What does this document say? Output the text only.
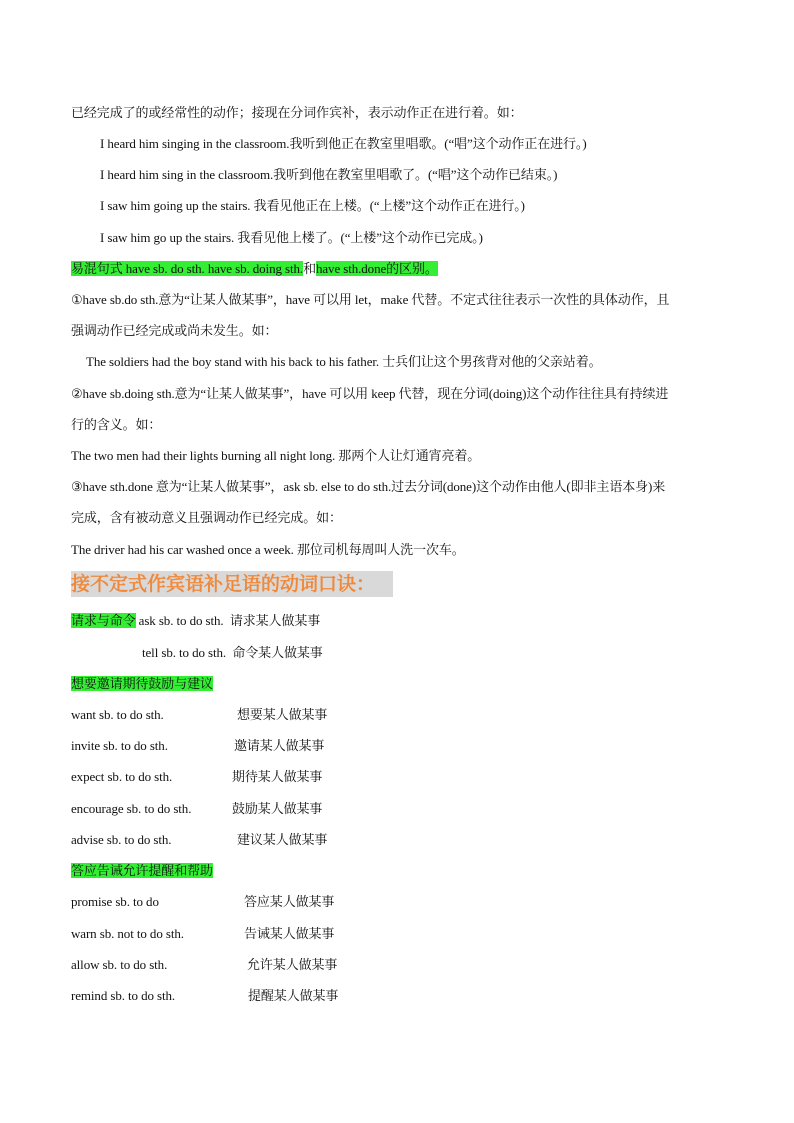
已经完成了的或经常性的动作；接现在分词作宾补，表示动作正在进行着。如：
I heard him singing in the classroom.我听到他正在教室里唱歌。(“唱”这个动作正在进行。)
I heard him sing in the classroom.我听到他在教室里唱歌了。(“唱”这个动作已结束。)
I saw him going up the stairs. 我看见他正在上楼。(“上楼”这个动作正在进行。)
I saw him go up the stairs. 我看见他上楼了。(“上楼”这个动作已完成。)
易混句式 have sb. do sth. have sb. doing sth.和have sth.done的区别。
①have sb.do sth.意为“让某人做某事”，have 可以用 let，make 代替。不定式往往表示一次性的具体动作，且
强调动作已经完成或尚未发生。如：
The soldiers had the boy stand with his back to his father. 士兵们让这个男孩背对他的父亲站着。
②have sb.doing sth.意为“让某人做某事”，have 可以用 keep 代替，现在分词(doing)这个动作往往具有持续进
行的含义。如：
The two men had their lights burning all night long. 那两个人让灯通宵亮着。
③have sth.done 意为“让某人做某事”，ask sb. else to do sth.过去分词(done)这个动作由他人(即非主语本身)来
完成，含有被动意义且强调动作已经完成。如：
The driver had his car washed once a week. 那位司机每周叫人洗一次车。
接不定式作宾语补足语的动词口诀：
请求与命令 ask sb. to do sth. 请求某人做某事
tell sb. to do sth. 命令某人做某事
想要邀请期待鼓励与建议
want sb. to do sth.	想要某人做某事
invite sb. to do sth.	邀请某人做某事
expect sb. to do sth.	期待某人做某事
encourage sb. to do sth.	鼓励某人做某事
advise sb. to do sth.	建议某人做某事
答应告诫允许提醒和帮助
promise sb. to do	答应某人做某事
warn sb. not to do sth.	告诫某人做某事
allow sb. to do sth.	允许某人做某事
remind sb. to do sth.	提醒某人做某事
